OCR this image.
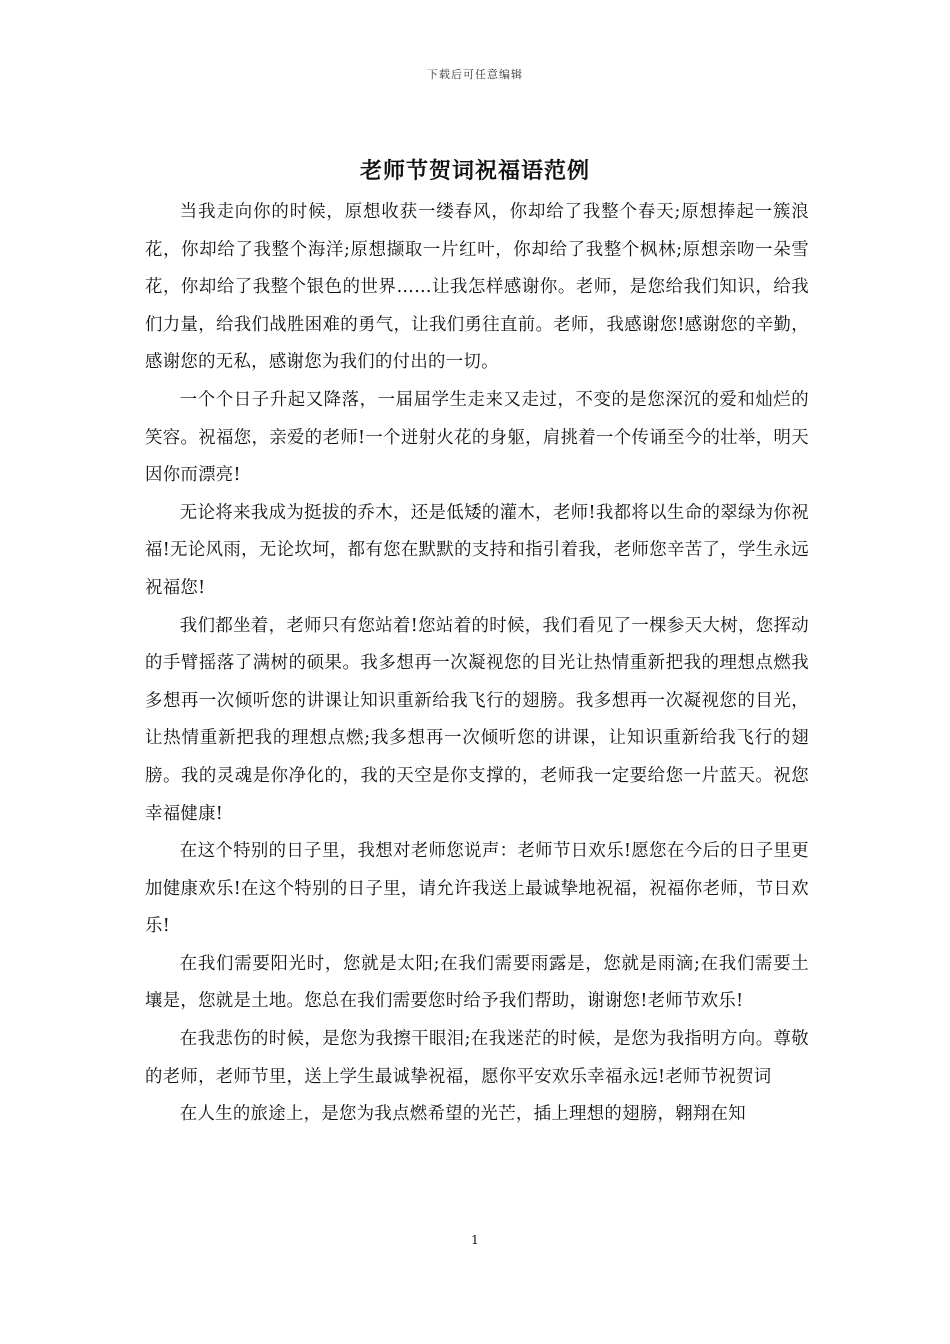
下载后可任意编辑
老师节贺词祝福语范例

当我走向你的时候，原想收获一缕春风，你却给了我整个春天;原想捧起一簇浪花，你却给了我整个海洋;原想撷取一片红叶，你却给了我整个枫林;原想亲吻一朵雪花，你却给了我整个银色的世界……让我怎样感谢你。老师，是您给我们知识，给我们力量，给我们战胜困难的勇气，让我们勇往直前。老师，我感谢您!感谢您的辛勤，感谢您的无私，感谢您为我们的付出的一切。

一个个日子升起又降落，一届届学生走来又走过，不变的是您深沉的爱和灿烂的笑容。祝福您，亲爱的老师!一个迸射火花的身躯，肩挑着一个传诵至今的壮举，明天因你而漂亮!

无论将来我成为挺拔的乔木，还是低矮的灌木，老师!我都将以生命的翠绿为你祝福!无论风雨，无论坎坷，都有您在默默的支持和指引着我，老师您辛苦了，学生永远祝福您!

我们都坐着，老师只有您站着!您站着的时候，我们看见了一棵参天大树，您挥动的手臂摇落了满树的硕果。我多想再一次凝视您的目光让热情重新把我的理想点燃我多想再一次倾听您的讲课让知识重新给我飞行的翅膀。我多想再一次凝视您的目光，让热情重新把我的理想点燃;我多想再一次倾听您的讲课，让知识重新给我飞行的翅膀。我的灵魂是你净化的，我的天空是你支撑的，老师我一定要给您一片蓝天。祝您幸福健康!

在这个特别的日子里，我想对老师您说声：老师节日欢乐!愿您在今后的日子里更加健康欢乐!在这个特别的日子里，请允许我送上最诚挚地祝福，祝福你老师，节日欢乐!

在我们需要阳光时，您就是太阳;在我们需要雨露是，您就是雨滴;在我们需要土壤是，您就是土地。您总在我们需要您时给予我们帮助，谢谢您!老师节欢乐!

在我悲伤的时候，是您为我擦干眼泪;在我迷茫的时候，是您为我指明方向。尊敬的老师，老师节里，送上学生最诚挚祝福，愿你平安欢乐幸福永远!老师节祝贺词

在人生的旅途上，是您为我点燃希望的光芒，插上理想的翅膀，翱翔在知

1
